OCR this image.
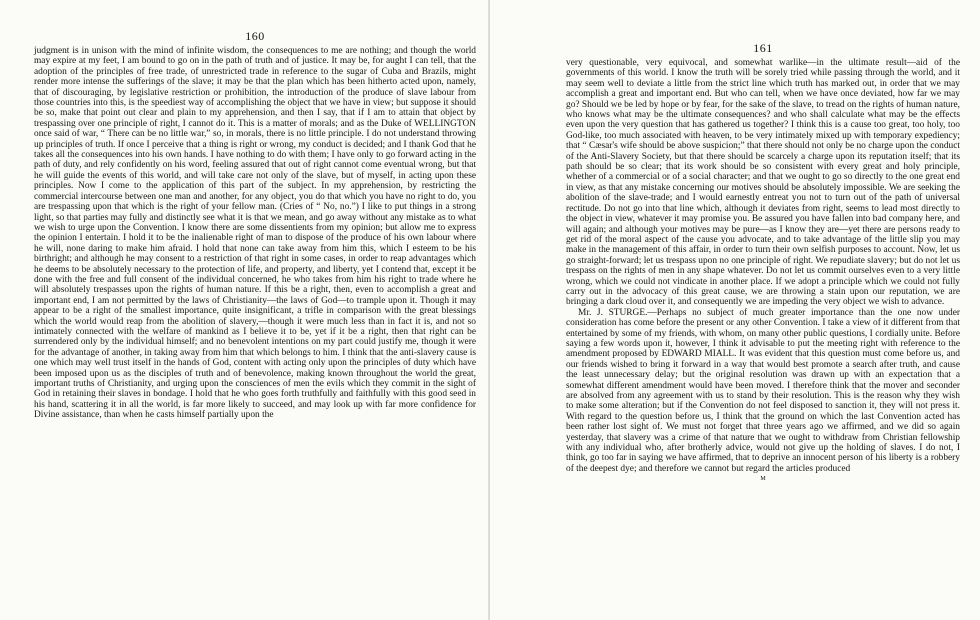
160

judgment is in unison with the mind of infinite wisdom, the consequences to me are nothing; and though the world may expire at my feet, I am bound to go on in the path of truth and of justice. It may be, for aught I can tell, that the adoption of the principles of free trade, of unrestricted trade in reference to the sugar of Cuba and Brazils, might render more intense the sufferings of the slave; it may be that the plan which has been hitherto acted upon, namely, that of discouraging, by legislative restriction or prohibition, the introduction of the produce of slave labour from those countries into this, is the speediest way of accomplishing the object that we have in view; but suppose it should be so, make that point out clear and plain to my apprehension, and then I say, that if I am to attain that object by trespassing over one principle of right, I cannot do it. This is a matter of morals; and as the Duke of WELLINGTON once said of war, “ There can be no little war,” so, in morals, there is no little principle. I do not understand throwing up principles of truth. If once I perceive that a thing is right or wrong, my conduct is decided; and I thank God that he takes all the consequences into his own hands. I have nothing to do with them; I have only to go forward acting in the path of duty, and rely confidently on his word, feeling assured that out of right cannot come eventual wrong, but that he will guide the events of this world, and will take care not only of the slave, but of myself, in acting upon these principles. Now I come to the application of this part of the subject. In my apprehension, by restricting the commercial intercourse between one man and another, for any object, you do that which you have no right to do, you are trespassing upon that which is the right of your fellow man. (Cries of “ No, no.”) I like to put things in a strong light, so that parties may fully and distinctly see what it is that we mean, and go away without any mistake as to what we wish to urge upon the Convention. I know there are some dissentients from my opinion; but allow me to express the opinion I entertain. I hold it to be the inalienable right of man to dispose of the produce of his own labour where he will, none daring to make him afraid. I hold that none can take away from him this, which I esteem to be his birthright; and although he may consent to a restriction of that right in some cases, in order to reap advantages which he deems to be absolutely necessary to the protection of life, and property, and liberty, yet I contend that, except it be done with the free and full consent of the individual concerned, he who takes from him his right to trade where he will absolutely trespasses upon the rights of human nature. If this be a right, then, even to accomplish a great and important end, I am not permitted by the laws of Christianity—the laws of God—to trample upon it. Though it may appear to be a right of the smallest importance, quite insignificant, a trifle in comparison with the great blessings which the world would reap from the abolition of slavery,—though it were much less than in fact it is, and not so intimately connected with the welfare of mankind as I believe it to be, yet if it be a right, then that right can be surrendered only by the individual himself; and no benevolent intentions on my part could justify me, though it were for the advantage of another, in taking away from him that which belongs to him. I think that the anti-slavery cause is one which may well trust itself in the hands of God, content with acting only upon the principles of duty which have been imposed upon us as the disciples of truth and of benevolence, making known throughout the world the great, important truths of Christianity, and urging upon the consciences of men the evils which they commit in the sight of God in retaining their slaves in bondage. I hold that he who goes forth truthfully and faithfully with this good seed in his hand, scattering it in all the world, is far more likely to succeed, and may look up with far more confidence for Divine assistance, than when he casts himself partially upon the

161

very questionable, very equivocal, and somewhat warlike—in the ultimate result—aid of the governments of this world. I know the truth will be sorely tried while passing through the world, and it may seem well to deviate a little from the strict line which truth has marked out, in order that we may accomplish a great and important end. But who can tell, when we have once deviated, how far we may go? Should we be led by hope or by fear, for the sake of the slave, to tread on the rights of human nature, who knows what may be the ultimate consequences? and who shall calculate what may be the effects even upon the very question that has gathered us together? I think this is a cause too great, too holy, too God-like, too much associated with heaven, to be very intimately mixed up with temporary expediency; that “ Cæsar's wife should be above suspicion;” that there should not only be no charge upon the conduct of the Anti-Slavery Society, but that there should be scarcely a charge upon its reputation itself; that its path should be so clear; that its work should be so consistent with every great and holy principle, whether of a commercial or of a social character; and that we ought to go so directly to the one great end in view, as that any mistake concerning our motives should be absolutely impossible. We are seeking the abolition of the slave-trade; and I would earnestly entreat you not to turn out of the path of universal rectitude. Do not go into that line which, although it deviates from right, seems to lead most directly to the object in view, whatever it may promise you. Be assured you have fallen into bad company here, and will again; and although your motives may be pure—as I know they are—yet there are persons ready to get rid of the moral aspect of the cause you advocate, and to take advantage of the little slip you may make in the management of this affair, in order to turn their own selfish purposes to account. Now, let us go straight-forward; let us trespass upon no one principle of right. We repudiate slavery; but do not let us trespass on the rights of men in any shape whatever. Do not let us commit ourselves even to a very little wrong, which we could not vindicate in another place. If we adopt a principle which we could not fully carry out in the advocacy of this great cause, we are throwing a stain upon our reputation, we are bringing a dark cloud over it, and consequently we are impeding the very object we wish to advance.

Mr. J. STURGE.—Perhaps no subject of much greater importance than the one now under consideration has come before the present or any other Convention. I take a view of it different from that entertained by some of my friends, with whom, on many other public questions, I cordially unite. Before saying a few words upon it, however, I think it advisable to put the meeting right with reference to the amendment proposed by EDWARD MIALL. It was evident that this question must come before us, and our friends wished to bring it forward in a way that would best promote a search after truth, and cause the least unnecessary delay; but the original resolution was drawn up with an expectation that a somewhat different amendment would have been moved. I therefore think that the mover and seconder are absolved from any agreement with us to stand by their resolution. This is the reason why they wish to make some alteration; but if the Convention do not feel disposed to sanction it, they will not press it. With regard to the question before us, I think that the ground on which the last Convention acted has been rather lost sight of. We must not forget that three years ago we affirmed, and we did so again yesterday, that slavery was a crime of that nature that we ought to withdraw from Christian fellowship with any individual who, after brotherly advice, would not give up the holding of slaves. I do not, I think, go too far in saying we have affirmed, that to deprive an innocent person of his liberty is a robbery of the deepest dye; and therefore we cannot but regard the articles produced

M
